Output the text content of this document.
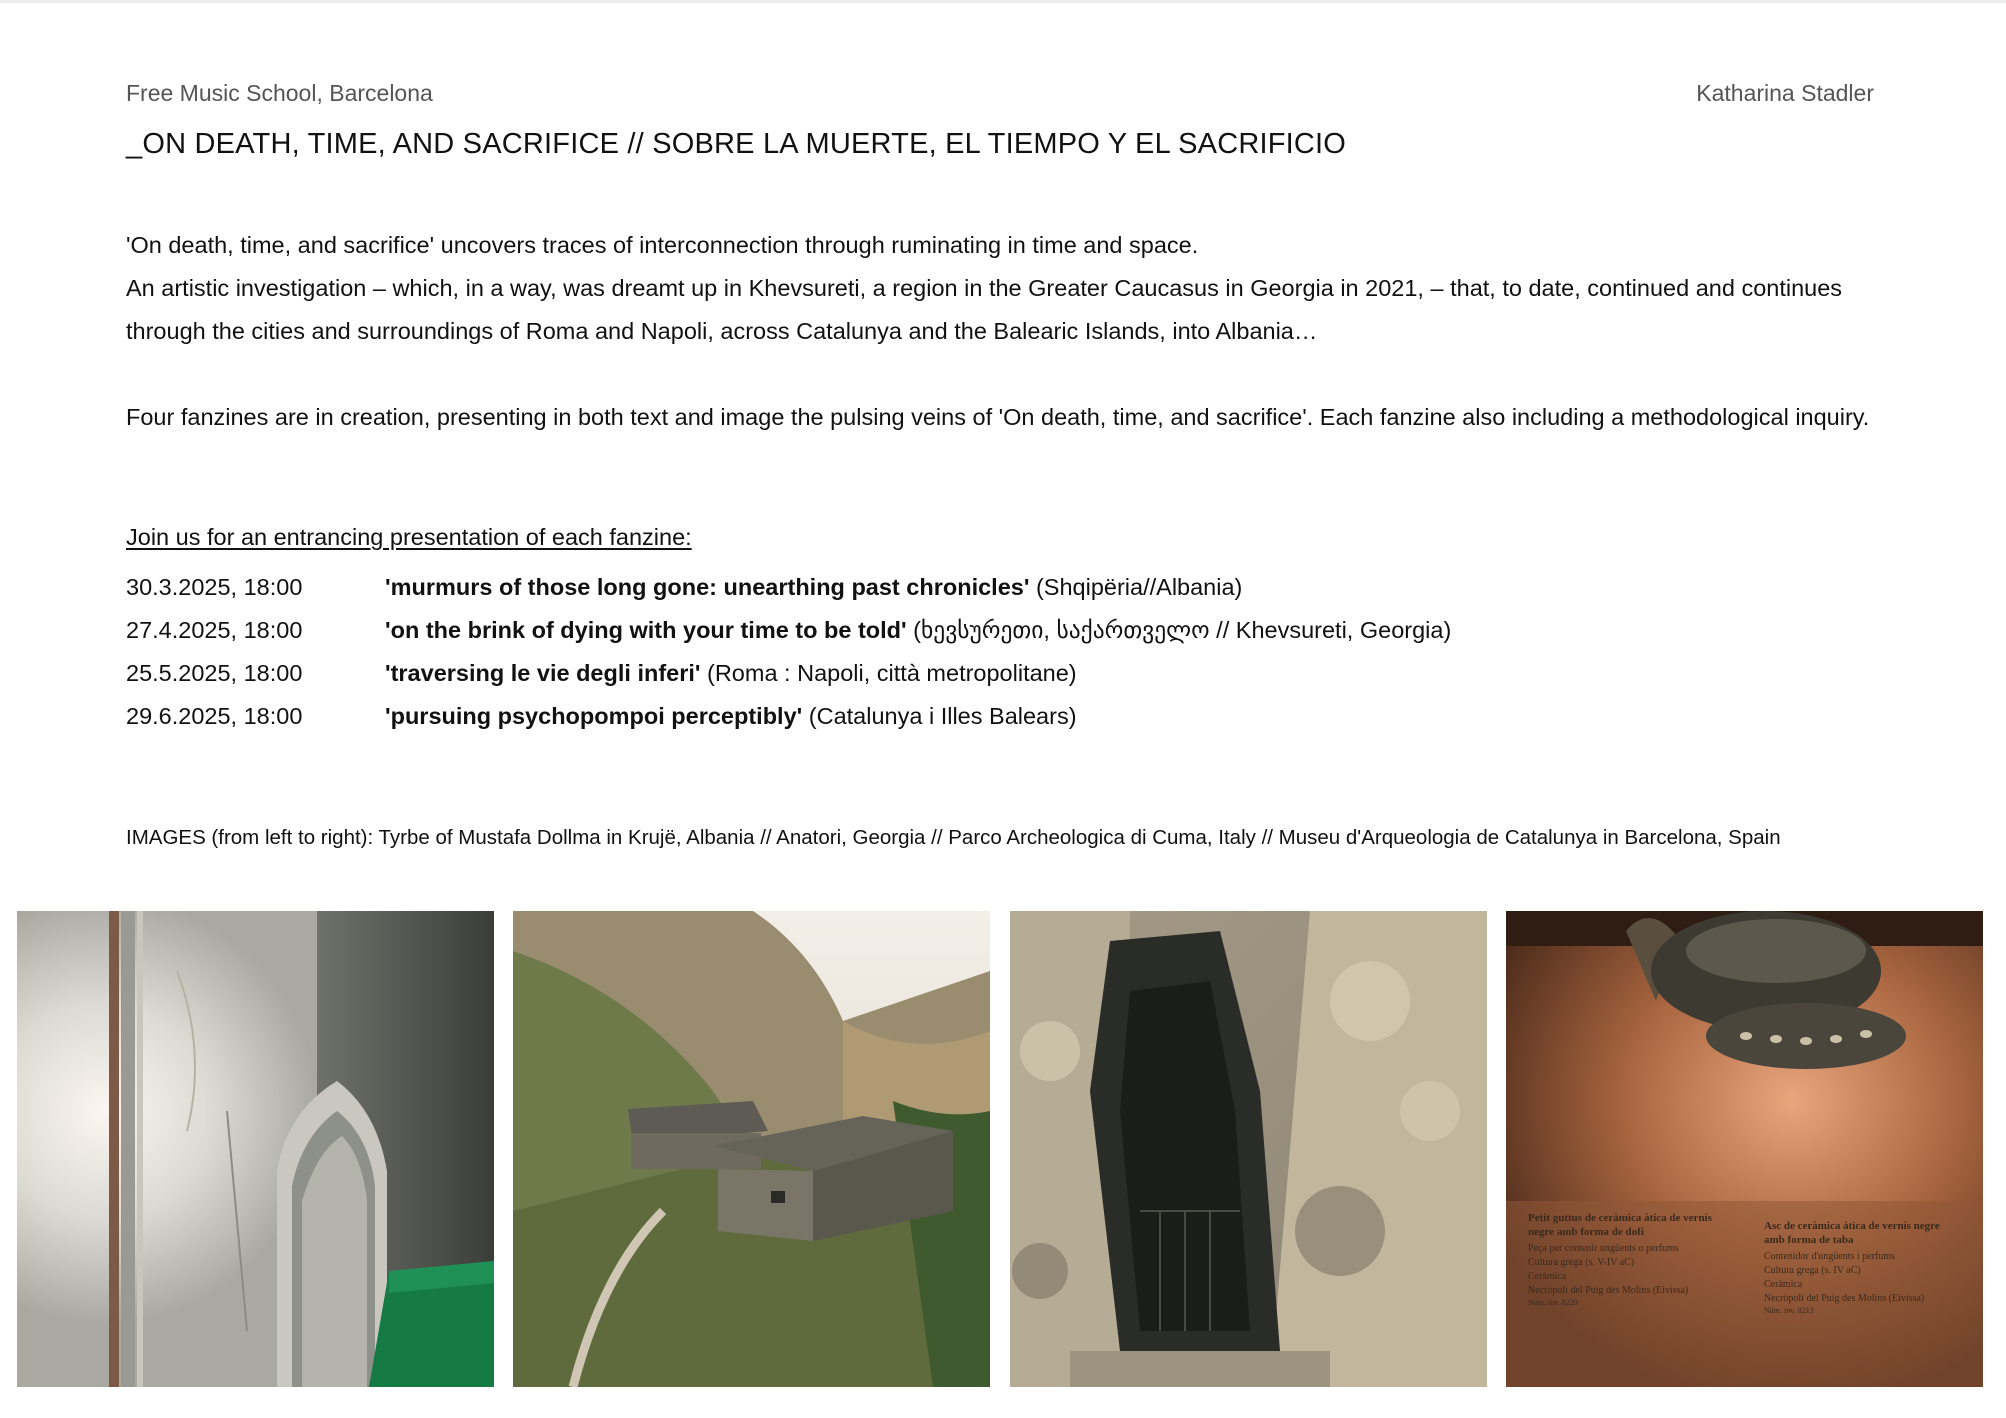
Free Music School, Barcelona	Katharina Stadler
_ON DEATH, TIME, AND SACRIFICE // SOBRE LA MUERTE, EL TIEMPO Y EL SACRIFICIO

'On death, time, and sacrifice' uncovers traces of interconnection through ruminating in time and space.
An artistic investigation – which, in a way, was dreamt up in Khevsureti, a region in the Greater Caucasus in Georgia in 2021, – that, to date, continued and continues through the cities and surroundings of Roma and Napoli, across Catalunya and the Balearic Islands, into Albania…

Four fanzines are in creation, presenting in both text and image the pulsing veins of 'On death, time, and sacrifice'. Each fanzine also including a methodological inquiry.

Join us for an entrancing presentation of each fanzine:
30.3.2025, 18:00	'murmurs of those long gone: unearthing past chronicles' (Shqipëria//Albania)
27.4.2025, 18:00	'on the brink of dying with your time to be told' (ხევსურეთი, საქართველო // Khevsureti, Georgia)
25.5.2025, 18:00	'traversing le vie degli inferi' (Roma : Napoli, città metropolitane)
29.6.2025, 18:00	'pursuing psychopompoi perceptibly' (Catalunya i Illes Balears)
IMAGES (from left to right): Tyrbe of Mustafa Dollma in Krujë, Albania // Anatori, Georgia // Parco Archeologica di Cuma, Italy // Museu d'Arqueologia de Catalunya in Barcelona, Spain
Petit guttus de ceràmica àtica de vernís negre amb forma de dofí
Peça per contenir ungüents o perfums Cultura grega (s. V-IV aC) Ceràmica Necròpoli del Puig des Molins (Eivissa) Núm. inv. 8220
Asc de ceràmica àtica de vernís negre amb forma de taba
Contenidor d'ungüents i perfums Cultura grega (s. IV aC) Ceràmica Necròpoli del Puig des Molins (Eivissa) Núm. inv. 8213
